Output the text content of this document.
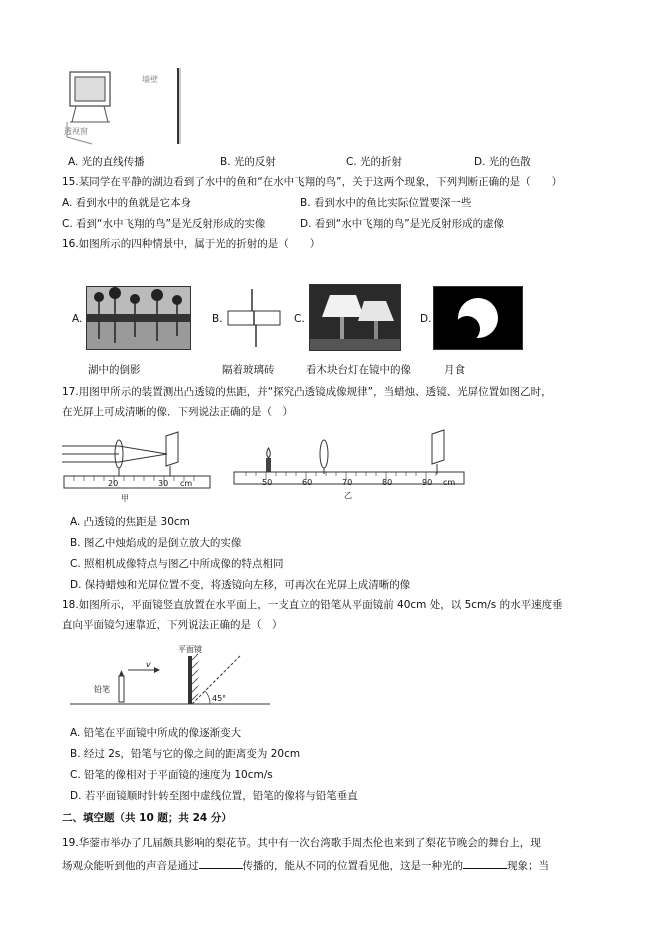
透视窗
墙壁
A. 光的直线传播	B. 光的反射	C. 光的折射	D. 光的色散
15.某同学在平静的湖边看到了水中的鱼和“在水中飞翔的鸟”，关于这两个现象，下列判断正确的是（　　）
A. 看到水中的鱼就是它本身	B. 看到水中的鱼比实际位置要深一些
C. 看到“水中飞翔的鸟”是光反射形成的实像	D. 看到“水中飞翔的鸟”是光反射形成的虚像
16.如图所示的四种情景中，属于光的折射的是（　　）
A.	B.	C.	D.
湖中的倒影	隔着玻璃砖	看木块台灯在镜中的像	月食
17.用图甲所示的装置测出凸透镜的焦距，并“探究凸透镜成像规律”，当蜡烛、透镜、光屏位置如图乙时，
在光屏上可成清晰的像．下列说法正确的是（　）
20	30 cm
甲
50	60	70	80	90 cm
乙
A. 凸透镜的焦距是 30cm
B. 图乙中烛焰成的是倒立放大的实像
C. 照相机成像特点与图乙中所成像的特点相同
D. 保持蜡烛和光屏位置不变，将透镜向左移，可再次在光屏上成清晰的像
18.如图所示，平面镜竖直放置在水平面上，一支直立的铅笔从平面镜前 40cm 处，以 5cm/s 的水平速度垂
直向平面镜匀速靠近，下列说法正确的是（　）
平面镜
铅笔
v
45°
A. 铅笔在平面镜中所成的像逐渐变大
B. 经过 2s，铅笔与它的像之间的距离变为 20cm
C. 铅笔的像相对于平面镜的速度为 10cm/s
D. 若平面镜顺时针转至图中虚线位置，铅笔的像将与铅笔垂直
二、填空题（共 10 题；共 24 分）
19.华蓥市举办了几届颇具影响的梨花节。其中有一次台湾歌手周杰伦也来到了梨花节晚会的舞台上，现
场观众能听到他的声音是通过	传播的，能从不同的位置看见他，这是一种光的	现象；当
